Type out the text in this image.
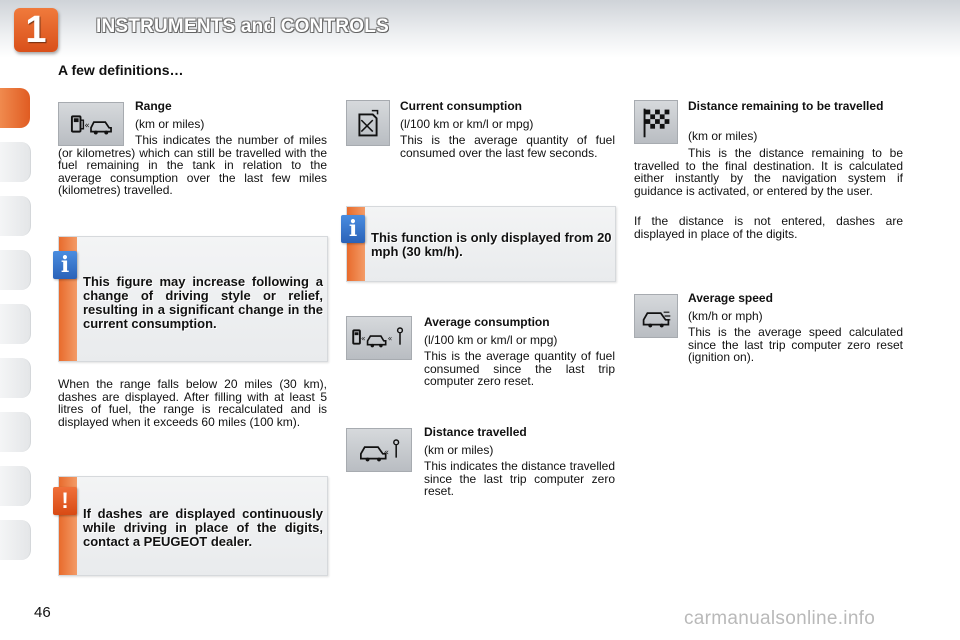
1	INSTRUMENTS and CONTROLS
A few definitions…
«
Range
(km or miles)
This indicates the number of miles (or kilometres) which can still be travelled with the fuel remaining in the tank in relation to the average consumption over the last few miles (kilometres) travelled.
i
This figure may increase following a change of driving style or relief, resulting in a significant change in the current consumption.
When the range falls below 20 miles (30 km), dashes are displayed. After filling with at least 5 litres of fuel, the range is recalculated and is displayed when it exceeds 60 miles (100 km).
!
If dashes are displayed continuously while driving in place of the digits, contact a PEUGEOT dealer.
46
Current consumption
(l/100 km or km/l or mpg)
This is the average quantity of fuel consumed over the last few seconds.
i	This function is only displayed from 20 mph (30 km/h).
«	«
Average consumption
(l/100 km or km/l or mpg)
This is the average quantity of fuel consumed since the last trip computer zero reset.
«
Distance travelled
(km or miles)
This indicates the distance travelled since the last trip computer zero reset.
Distance remaining to be travelled
(km or miles)
This is the distance remaining to be travelled to the final destination. It is calculated either instantly by the navigation system if guidance is activated, or entered by the user.
If the distance is not entered, dashes are displayed in place of the digits.
Average speed
(km/h or mph)
This is the average speed calculated since the last trip computer zero reset (ignition on).
carmanualsonline.info
